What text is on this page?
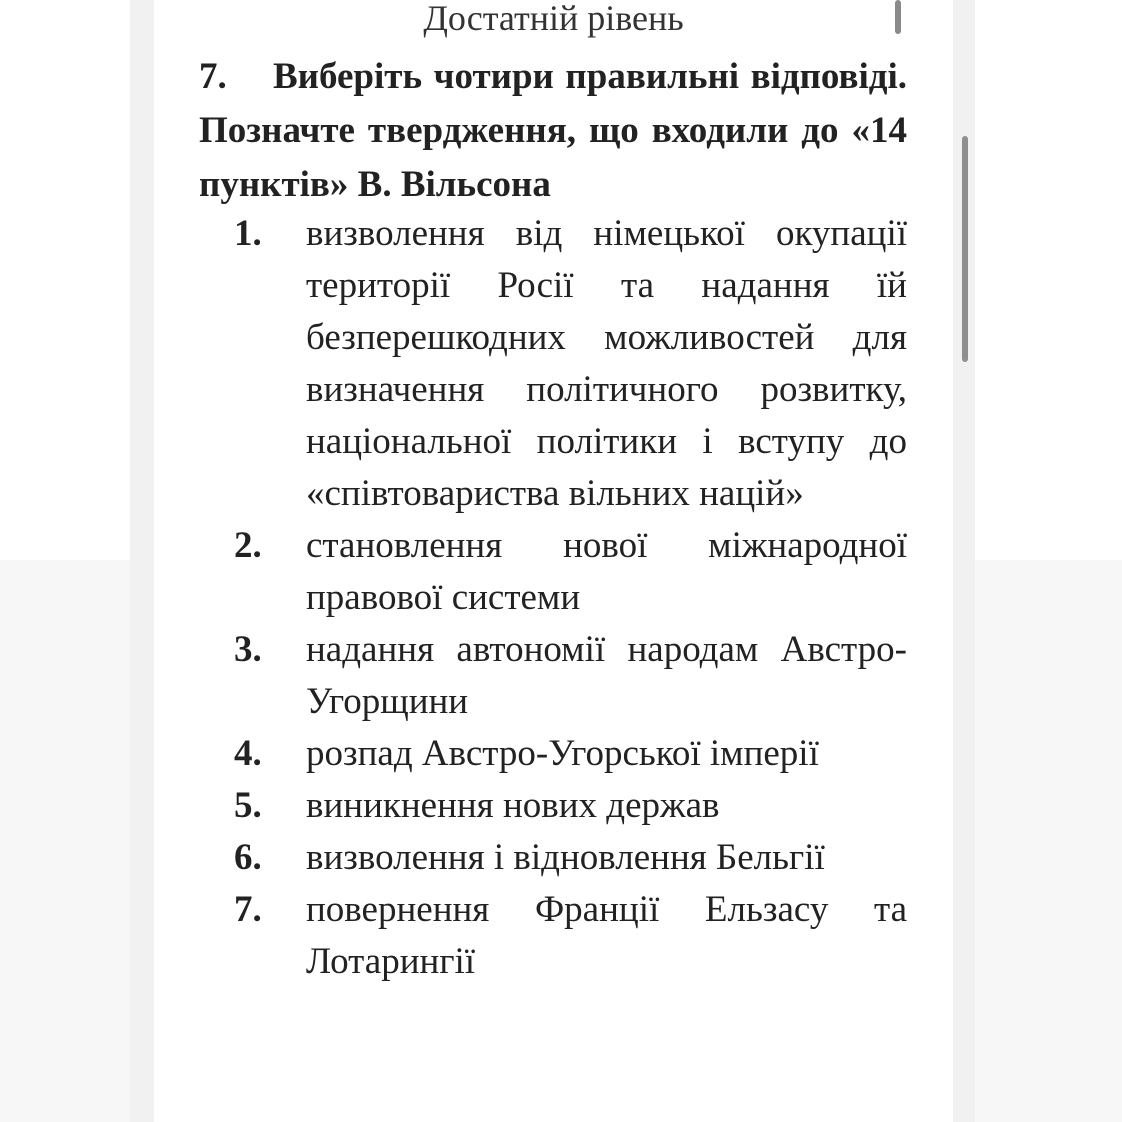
Достатній рівень
7. Виберіть чотири правильні відповіді. Позначте твердження, що входили до «14 пунктів» В. Вільсона
1. визволення від німецької окупації території Росії та надання їй безперешкодних можливостей для визначення політичного розвитку, національної політики і вступу до «співтовариства вільних націй»
2. становлення нової міжнародної правової системи
3. надання автономії народам Австро-Угорщини
4. розпад Австро-Угорської імперії
5. виникнення нових держав
6. визволення і відновлення Бельгії
7. повернення Франції Ельзасу та Лотарингії
